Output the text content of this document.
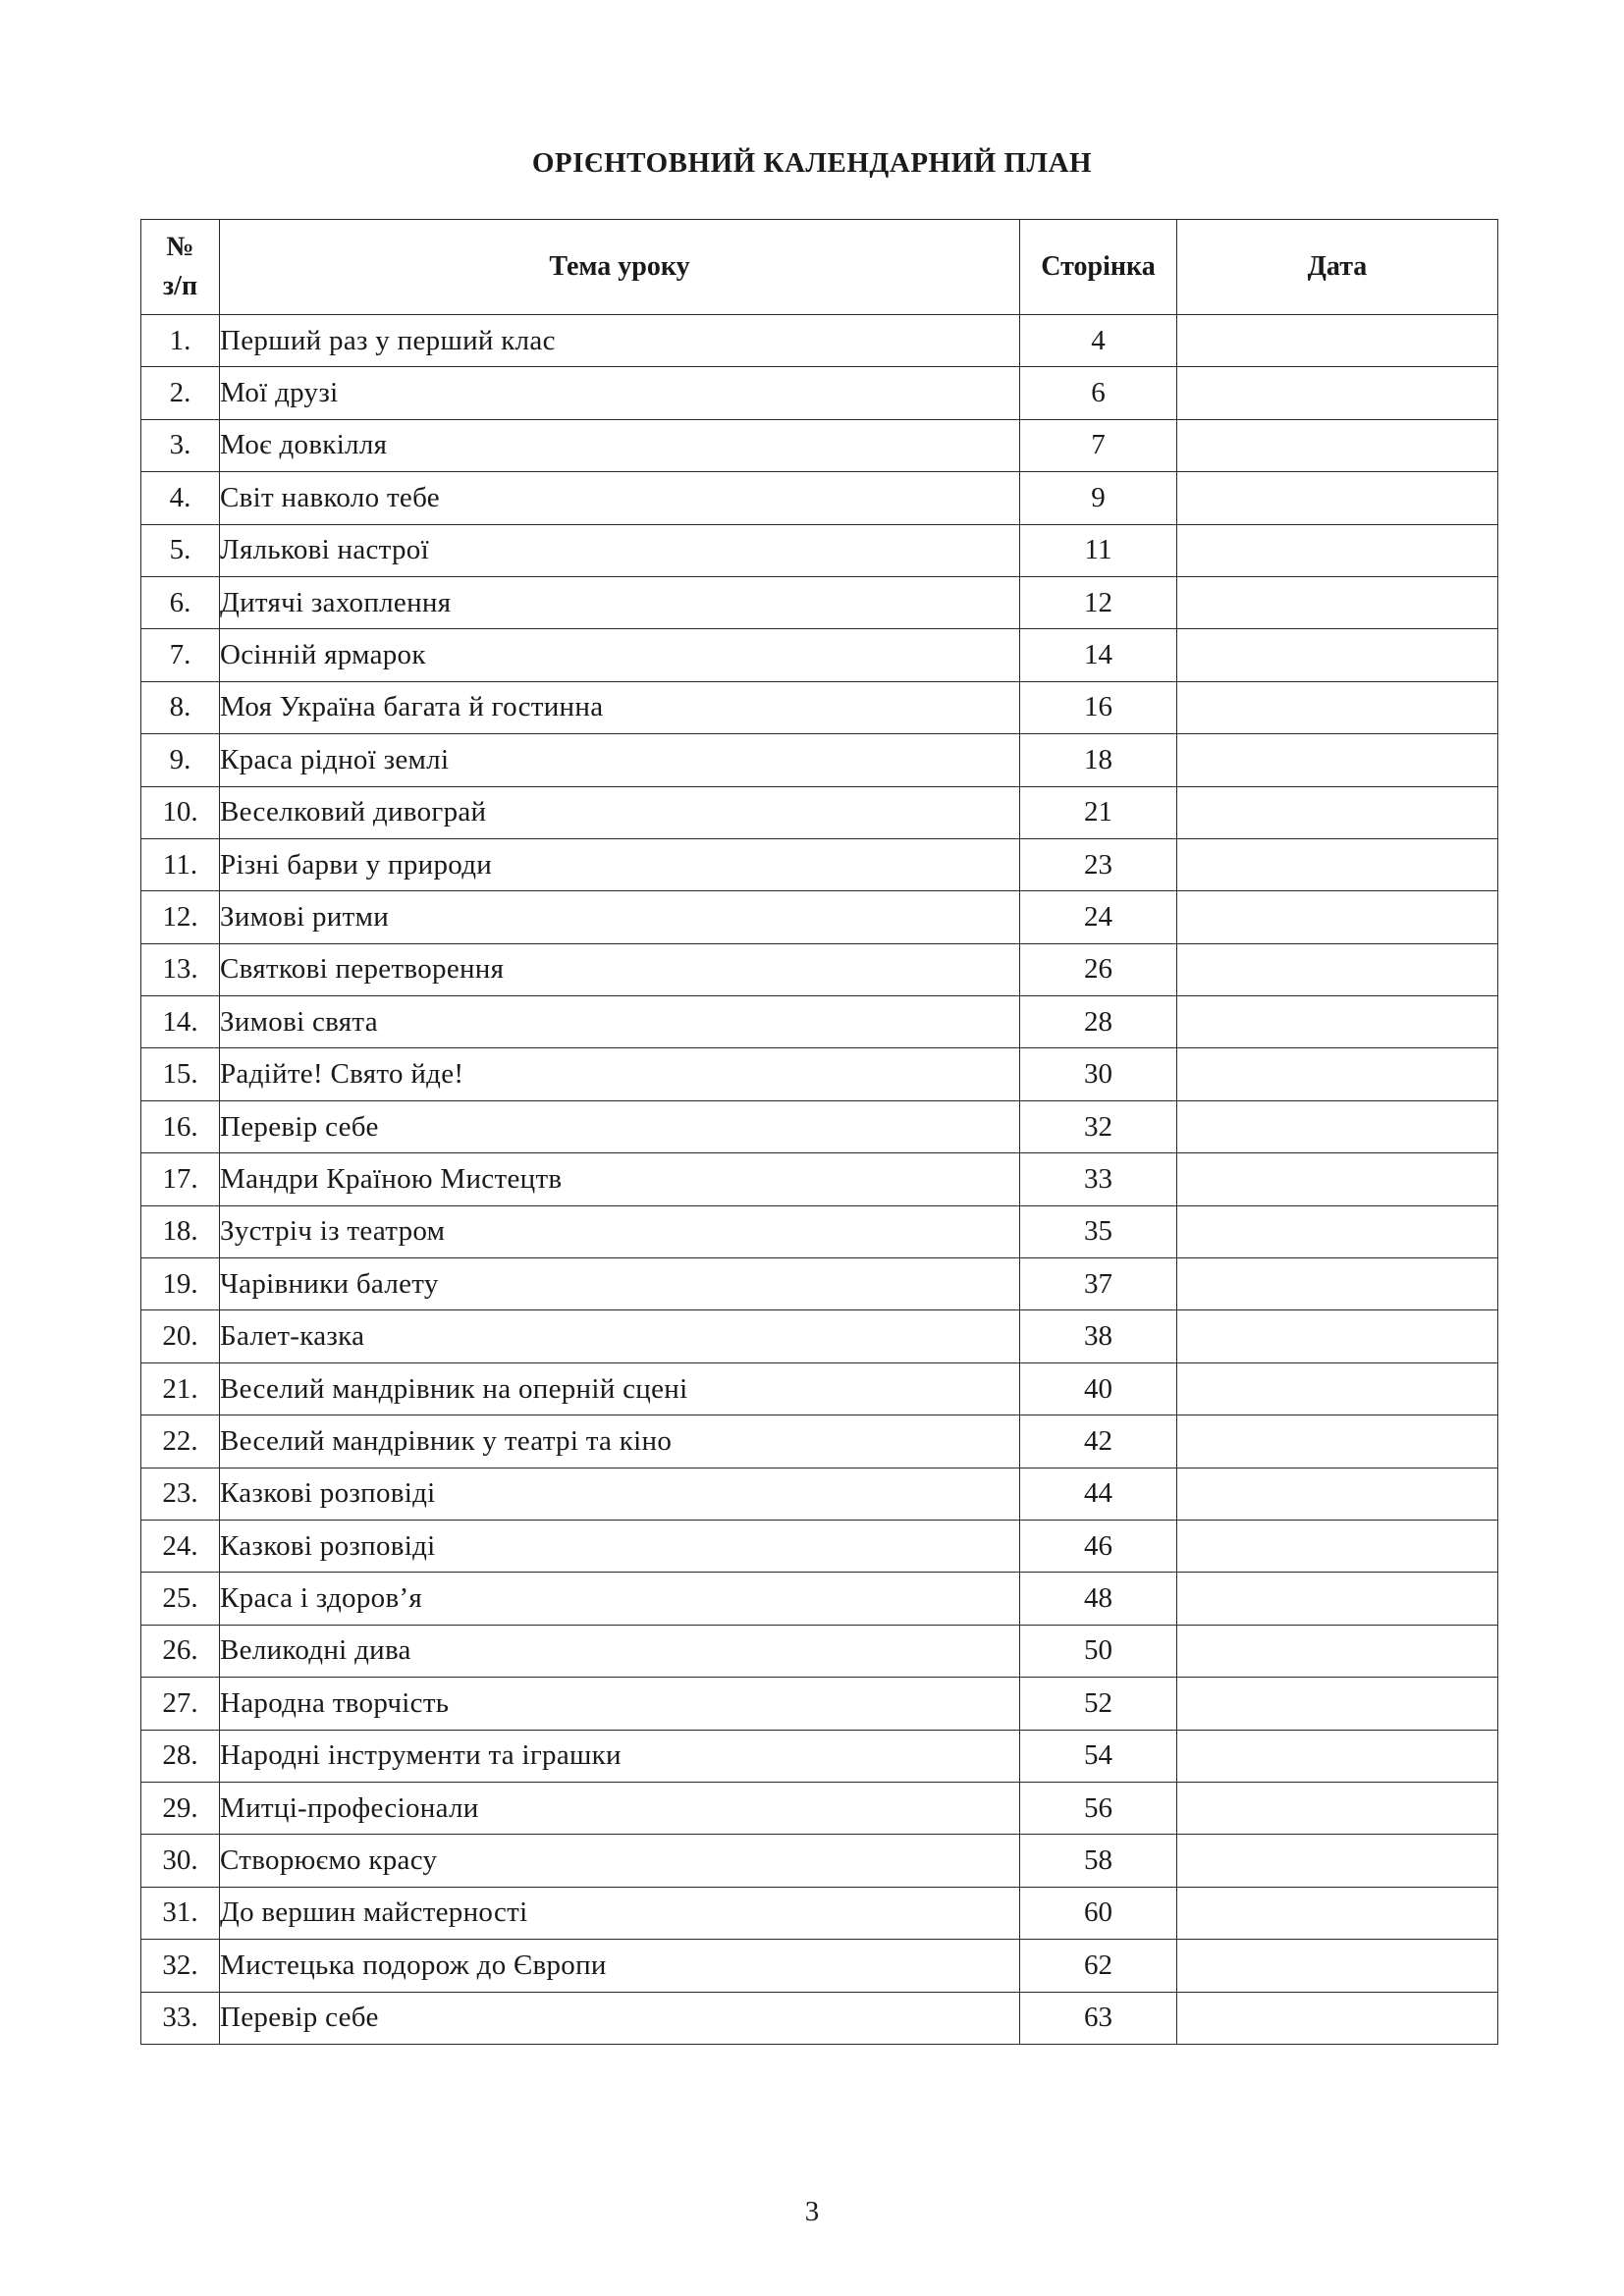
ОРІЄНТОВНИЙ КАЛЕНДАРНИЙ ПЛАН
№
з/п	Тема уроку	Сторінка	Дата
1.	Перший раз у перший клас	4	
2.	Мої друзі	6	
3.	Моє довкілля	7	
4.	Світ навколо тебе	9	
5.	Лялькові настрої	11	
6.	Дитячі захоплення	12	
7.	Осінній ярмарок	14	
8.	Моя Україна багата й гостинна	16	
9.	Краса рідної землі	18	
10.	Веселковий дивограй	21	
11.	Різні барви у природи	23	
12.	Зимові ритми	24	
13.	Святкові перетворення	26	
14.	Зимові свята	28	
15.	Радійте! Свято йде!	30	
16.	Перевір себе	32	
17.	Мандри Країною Мистецтв	33	
18.	Зустріч із театром	35	
19.	Чарівники балету	37	
20.	Балет-казка	38	
21.	Веселий мандрівник на оперній сцені	40	
22.	Веселий мандрівник у театрі та кіно	42	
23.	Казкові розповіді	44	
24.	Казкові розповіді	46	
25.	Краса і здоров’я	48	
26.	Великодні дива	50	
27.	Народна творчість	52	
28.	Народні інструменти та іграшки	54	
29.	Митці-професіонали	56	
30.	Створюємо красу	58	
31.	До вершин майстерності	60	
32.	Мистецька подорож до Європи	62	
33.	Перевір себе	63	
3
